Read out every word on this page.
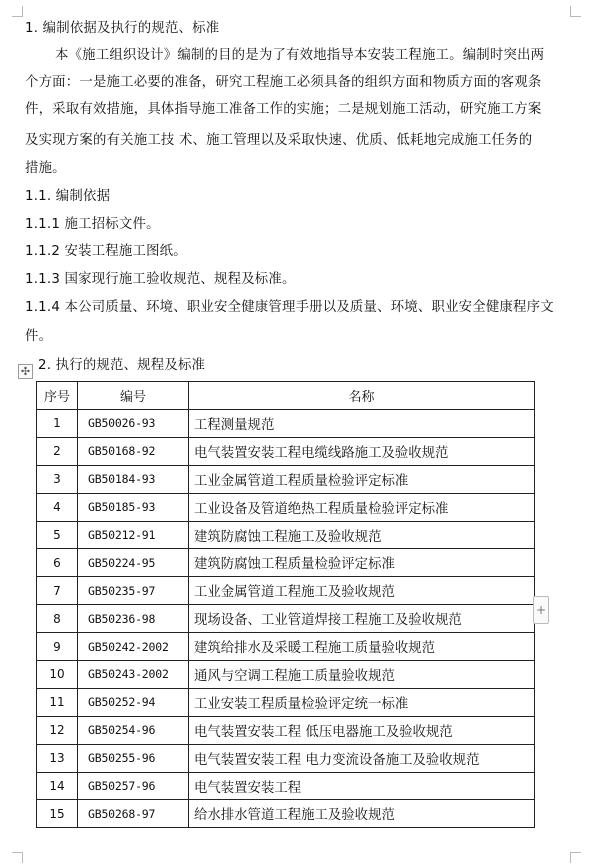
1. 编制依据及执行的规范、标准
本《施工组织设计》编制的目的是为了有效地指导本安装工程施工。编制时突出两
个方面：一是施工必要的准备，研究工程施工必须具备的组织方面和物质方面的客观条
件，采取有效措施，具体指导施工准备工作的实施；二是规划施工活动，研究施工方案
及实现方案的有关施工技 术、施工管理以及采取快速、优质、低耗地完成施工任务的
措施。
1.1. 编制依据
1.1.1 施工招标文件。
1.1.2 安装工程施工图纸。
1.1.3 国家现行施工验收规范、规程及标准。
1.1.4 本公司质量、环境、职业安全健康管理手册以及质量、环境、职业安全健康程序文
件。
✣ 2. 执行的规范、规程及标准
序号	编号	名称
1	GB50026-93	工程测量规范
2	GB50168-92	电气装置安装工程电缆线路施工及验收规范
3	GB50184-93	工业金属管道工程质量检验评定标准
4	GB50185-93	工业设备及管道绝热工程质量检验评定标准
5	GB50212-91	建筑防腐蚀工程施工及验收规范
6	GB50224-95	建筑防腐蚀工程质量检验评定标准
7	GB50235-97	工业金属管道工程施工及验收规范
8	GB50236-98	现场设备、工业管道焊接工程施工及验收规范
9	GB50242-2002	建筑给排水及采暖工程施工质量验收规范
10	GB50243-2002	通风与空调工程施工质量验收规范
11	GB50252-94	工业安装工程质量检验评定统一标准
12	GB50254-96	电气装置安装工程 低压电器施工及验收规范
13	GB50255-96	电气装置安装工程 电力变流设备施工及验收规范
14	GB50257-96	电气装置安装工程
15	GB50268-97	给水排水管道工程施工及验收规范
+
